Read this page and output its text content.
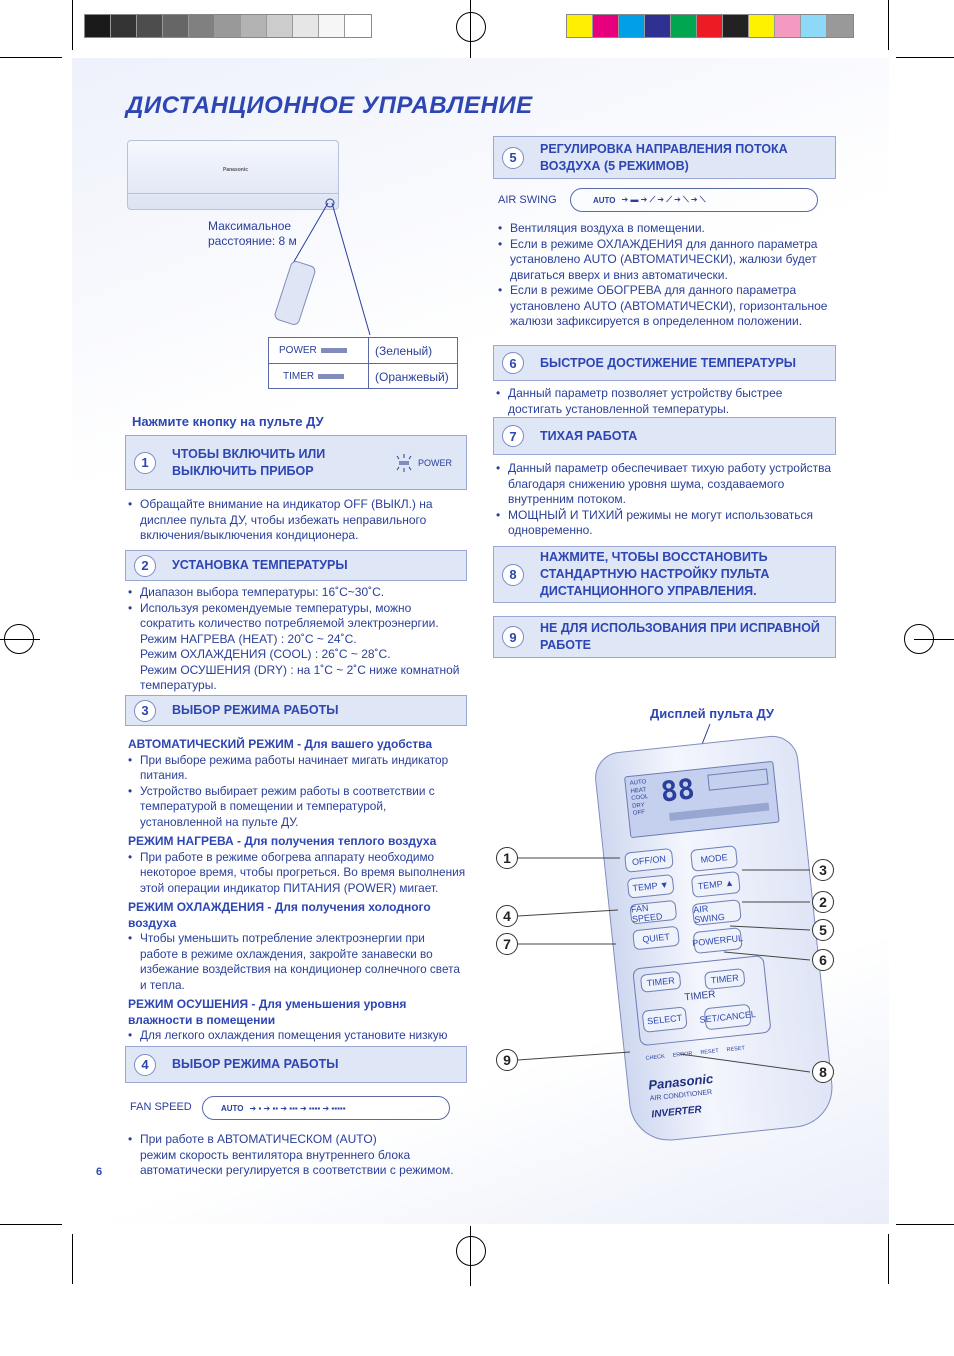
ДИСТАНЦИОННОЕ УПРАВЛЕНИЕ
Panasonic
Максимальное
расстояние: 8 м
POWER	(Зеленый)
TIMER	(Оранжевый)
Нажмите кнопку на пульте ДУ
1
ЧТОБЫ ВКЛЮЧИТЬ ИЛИ
ВЫКЛЮЧИТЬ ПРИБОР
POWER
• Обращайте внимание на индикатор OFF (ВЫКЛ.) на дисплее пульта ДУ, чтобы избежать неправильного включения/выключения кондиционера.
2	УСТАНОВКА ТЕМПЕРАТУРЫ
• Диапазон выбора температуры: 16˚C~30˚C.
• Используя рекомендуемые температуры, можно сократить количество потребляемой электроэнергии.
Режим НАГРЕВА (HEAT) : 20˚C ~ 24˚C.
Режим ОХЛАЖДЕНИЯ (COOL) : 26˚C ~ 28˚C.
Режим ОСУШЕНИЯ (DRY) : на 1˚C ~ 2˚C ниже комнатной температуры.
3	ВЫБОР РЕЖИМА РАБОТЫ
АВТОМАТИЧЕСКИЙ РЕЖИМ - Для вашего удобства
• При выборе режима работы начинает мигать индикатор питания.
• Устройство выбирает режим работы в соответствии с температурой в помещении и температурой, установленной на пульте ДУ.
РЕЖИМ НАГРЕВА - Для получения теплого воздуха
• При работе в режиме обогрева аппарату необходимо некоторое время, чтобы прогреться. Во время выполнения этой операции индикатор ПИТАНИЯ (POWER) мигает.
РЕЖИМ ОХЛАЖДЕНИЯ - Для получения холодного воздуха
• Чтобы уменьшить потребление электроэнергии при работе в режиме охлаждения, закройте занавески во избежание воздействия на кондиционер солнечного света и тепла.
РЕЖИМ ОСУШЕНИЯ - Для уменьшения уровня влажности в помещении
• Для легкого охлаждения помещения установите низкую
4	ВЫБОР РЕЖИМА РАБОТЫ
FAN SPEED	AUTO ➔ ▪ ➔ ▪▪ ➔ ▪▪▪ ➔ ▪▪▪▪ ➔ ▪▪▪▪▪
• При работе в АВТОМАТИЧЕСКОМ (AUTO)
режим скорость вентилятора внутреннего блока автоматически регулируется в соответствии с режимом.
6
5
РЕГУЛИРОВКА НАПРАВЛЕНИЯ ПОТОКА
ВОЗДУХА (5 РЕЖИМОВ)
AIR SWING	AUTO ➔ ▬ ➔ ⟋ ➔ ⟋ ➔ ⟍ ➔ ⟍
• Вентиляция воздуха в помещении.
• Если в режиме ОХЛАЖДЕНИЯ для данного параметра установлено AUTO (АВТОМАТИЧЕСКИ), жалюзи будет двигаться вверх и вниз автоматически.
• Если в режиме ОБОГРЕВА для данного параметра установлено AUTO (АВТОМАТИЧЕСКИ), горизонтальное жалюзи зафиксируется в определенном положении.
6	БЫСТРОЕ ДОСТИЖЕНИЕ ТЕМПЕРАТУРЫ
• Данный параметр позволяет устройству быстрее достигать установленной температуры.
7	ТИХАЯ РАБОТА
• Данный параметр обеспечивает тихую работу устройства благодаря снижению уровня шума, создаваемого внутренним потоком.
• МОЩНЫЙ И ТИХИЙ режимы не могут использоваться одновременно.
8
НАЖМИТЕ, ЧТОБЫ ВОССТАНОВИТЬ
СТАНДАРТНУЮ НАСТРОЙКУ ПУЛЬТА
ДИСТАНЦИОННОГО УПРАВЛЕНИЯ.
9
НЕ ДЛЯ ИСПОЛЬЗОВАНИЯ ПРИ ИСПРАВНОЙ
РАБОТЕ
Дисплей пульта ДУ
AUTO
HEAT
COOL
DRY
OFF
88
OFF/ON	MODE
TEMP ▼	TEMP ▲
FAN SPEED
AIR SWING
QUIET	POWERFUL
TIMER	TIMER
TIMER
SELECT	SET/CANCEL
CHECK ERROR RESET RESET
Panasonic
AIR CONDITIONER
INVERTER
1
4
7
9
3
2
5
6
8
